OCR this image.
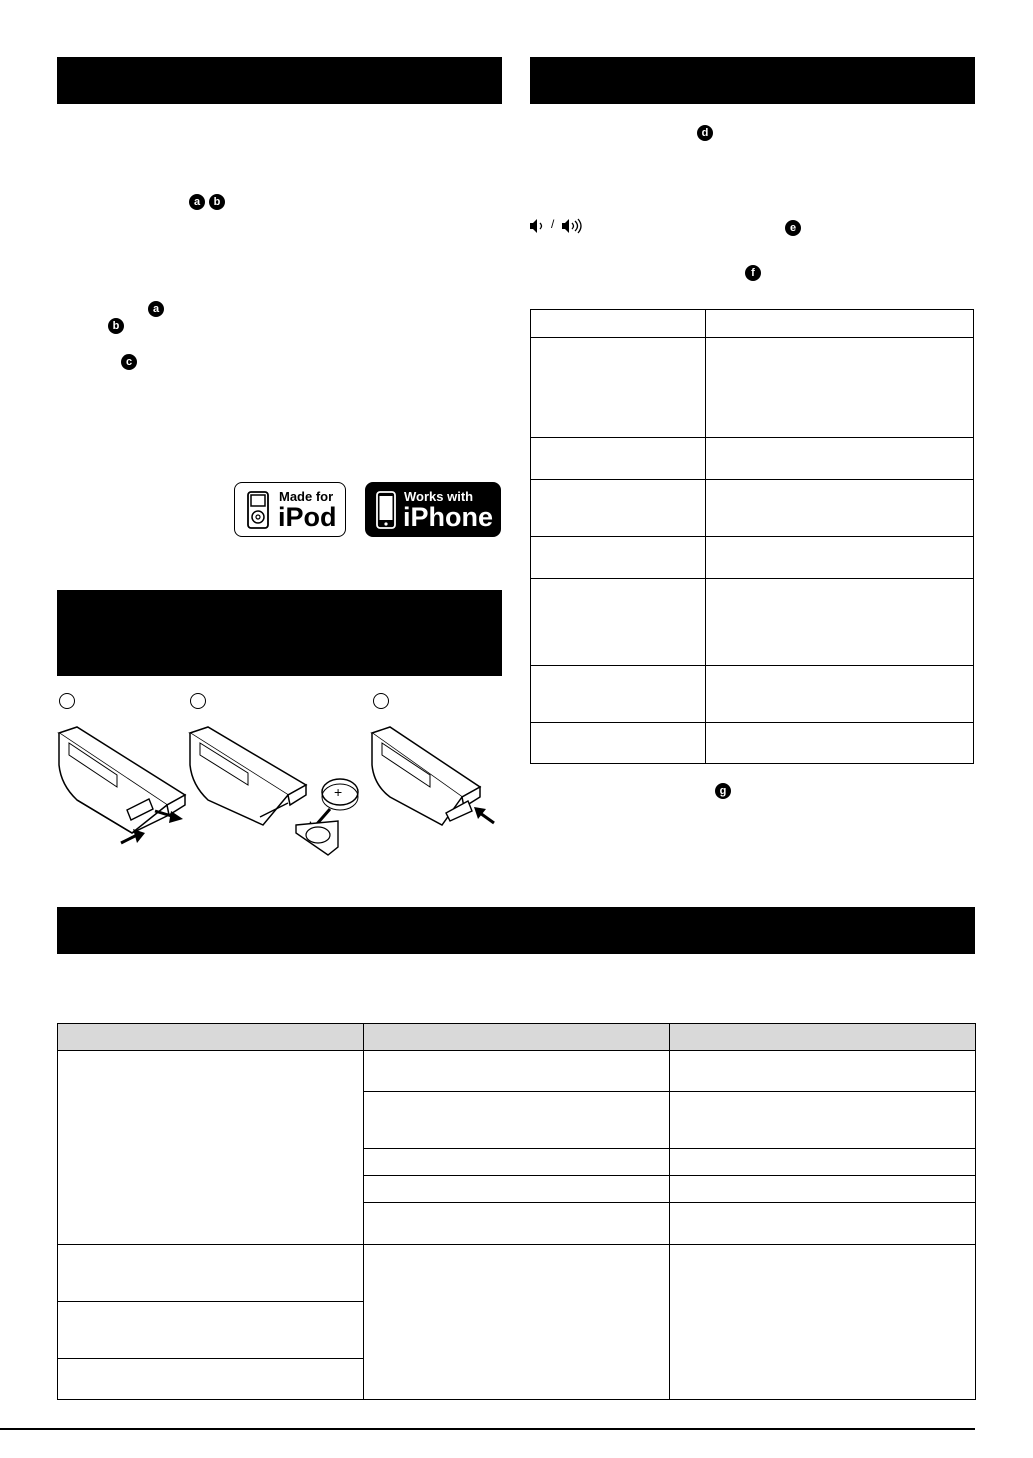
a	b
a
b
c
Made for
iPod
Works with
iPhone
+
d
/	e
f

g
